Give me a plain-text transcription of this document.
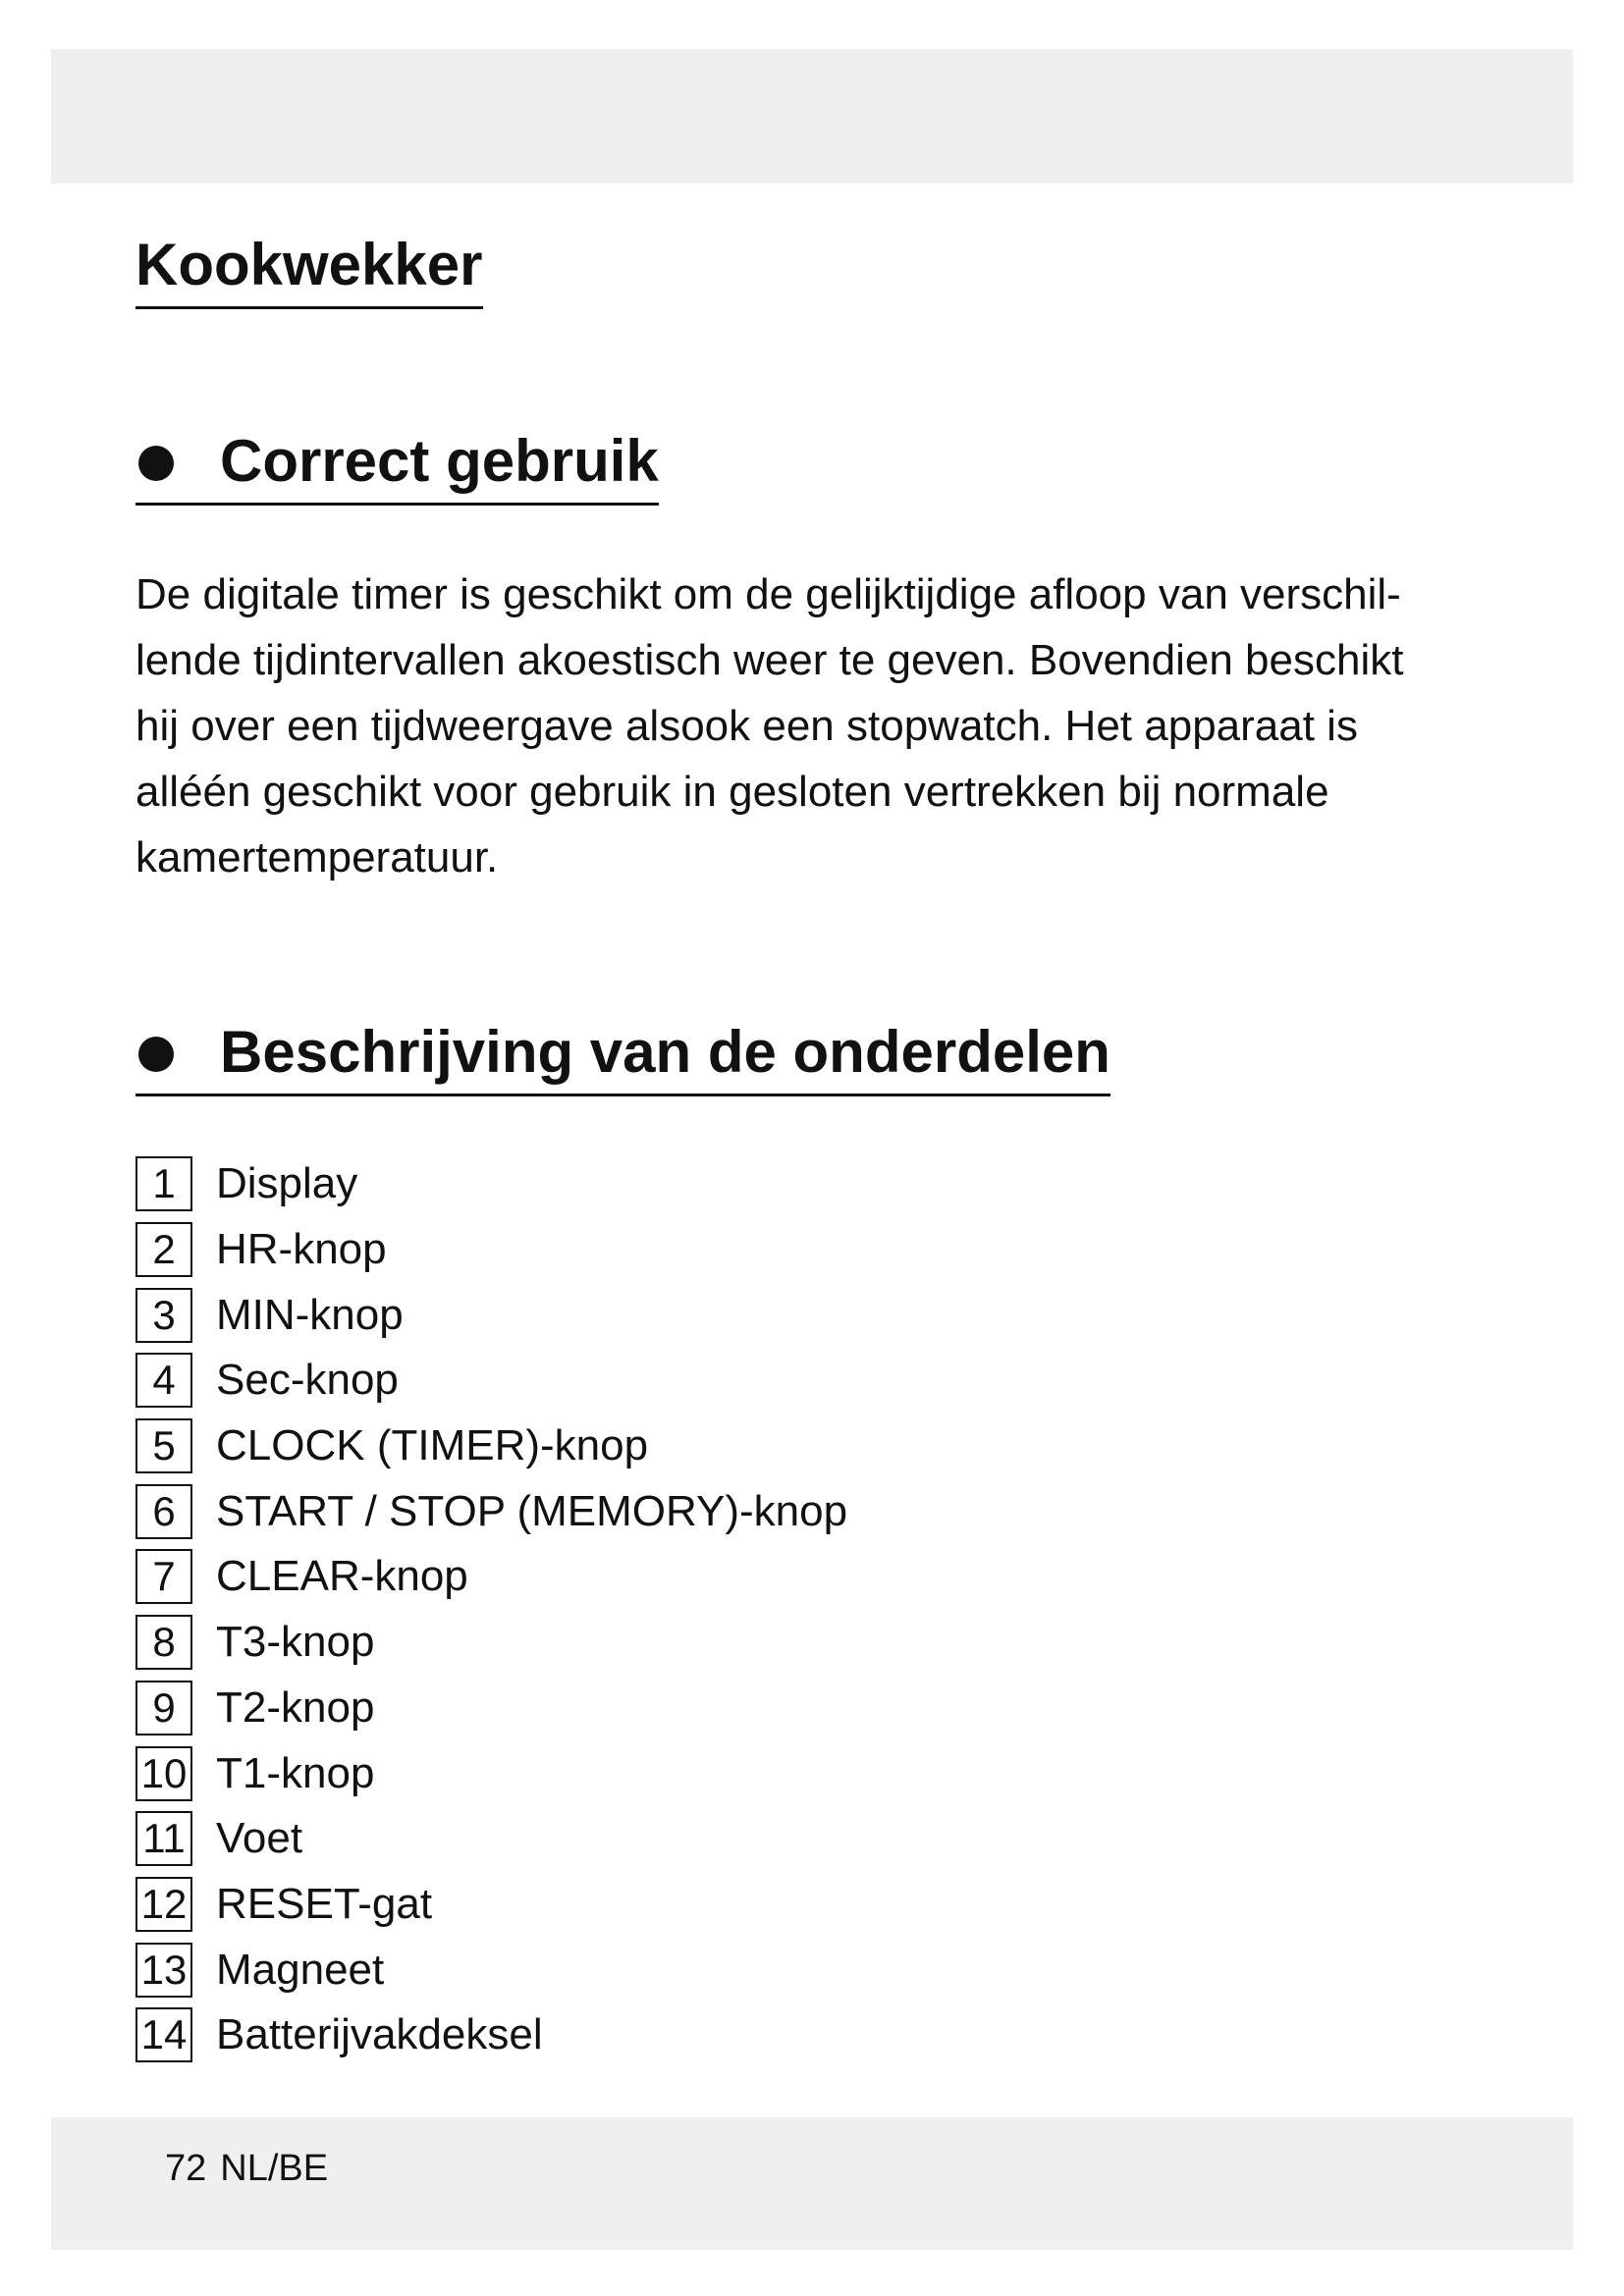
Kookwekker
Correct gebruik

De digitale timer is geschikt om de gelijktijdige afloop van verschil-
lende tijdintervallen akoestisch weer te geven. Bovendien beschikt
hij over een tijdweergave alsook een stopwatch. Het apparaat is
alléén geschikt voor gebruik in gesloten vertrekken bij normale
kamertemperatuur.

Beschrijving van de onderdelen
1 Display
2 HR-knop
3 MIN-knop
4 Sec-knop
5 CLOCK (TIMER)-knop
6 START / STOP (MEMORY)-knop
7 CLEAR-knop
8 T3-knop
9 T2-knop
10 T1-knop
11 Voet
12 RESET-gat
13 Magneet
14 Batterijvakdeksel
72 NL/BE
